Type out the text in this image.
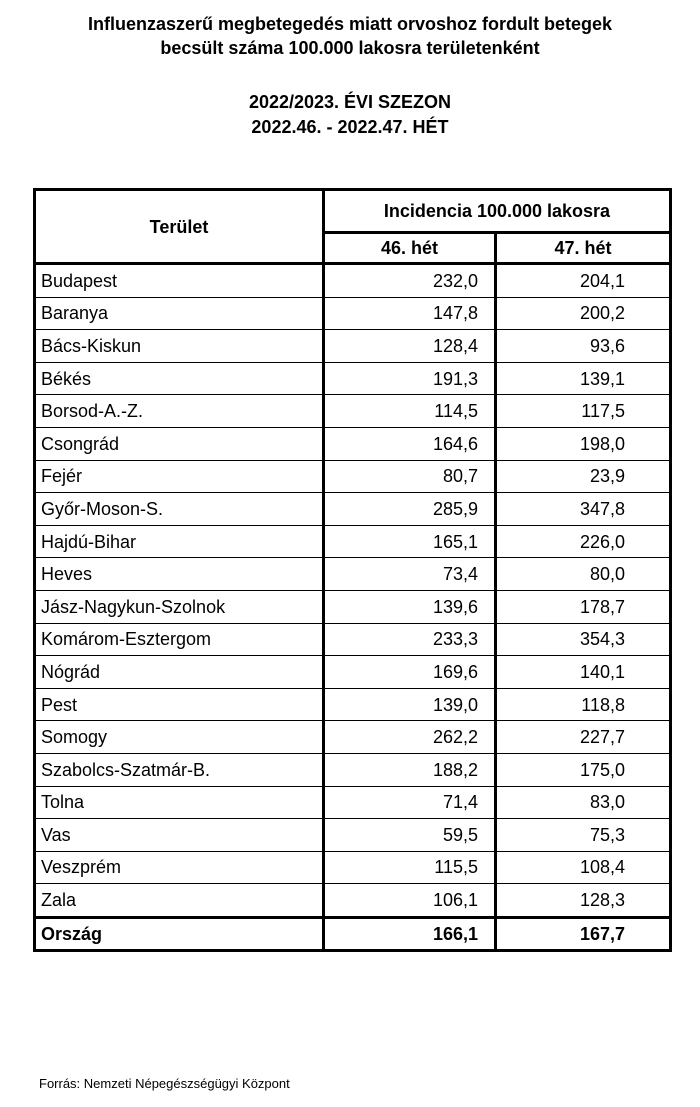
Influenzaszerű megbetegedés miatt orvoshoz fordult betegek
becsült száma 100.000 lakosra területenként
2022/2023. ÉVI SZEZON
2022.46. - 2022.47. HÉT
Terület	Incidencia 100.000 lakosra	
	46. hét	47. hét
Budapest	232,0	204,1
Baranya	147,8	200,2
Bács-Kiskun	128,4	93,6
Békés	191,3	139,1
Borsod-A.-Z.	114,5	117,5
Csongrád	164,6	198,0
Fejér	80,7	23,9
Győr-Moson-S.	285,9	347,8
Hajdú-Bihar	165,1	226,0
Heves	73,4	80,0
Jász-Nagykun-Szolnok	139,6	178,7
Komárom-Esztergom	233,3	354,3
Nógrád	169,6	140,1
Pest	139,0	118,8
Somogy	262,2	227,7
Szabolcs-Szatmár-B.	188,2	175,0
Tolna	71,4	83,0
Vas	59,5	75,3
Veszprém	115,5	108,4
Zala	106,1	128,3
Ország	166,1	167,7
Forrás: Nemzeti Népegészségügyi Központ
